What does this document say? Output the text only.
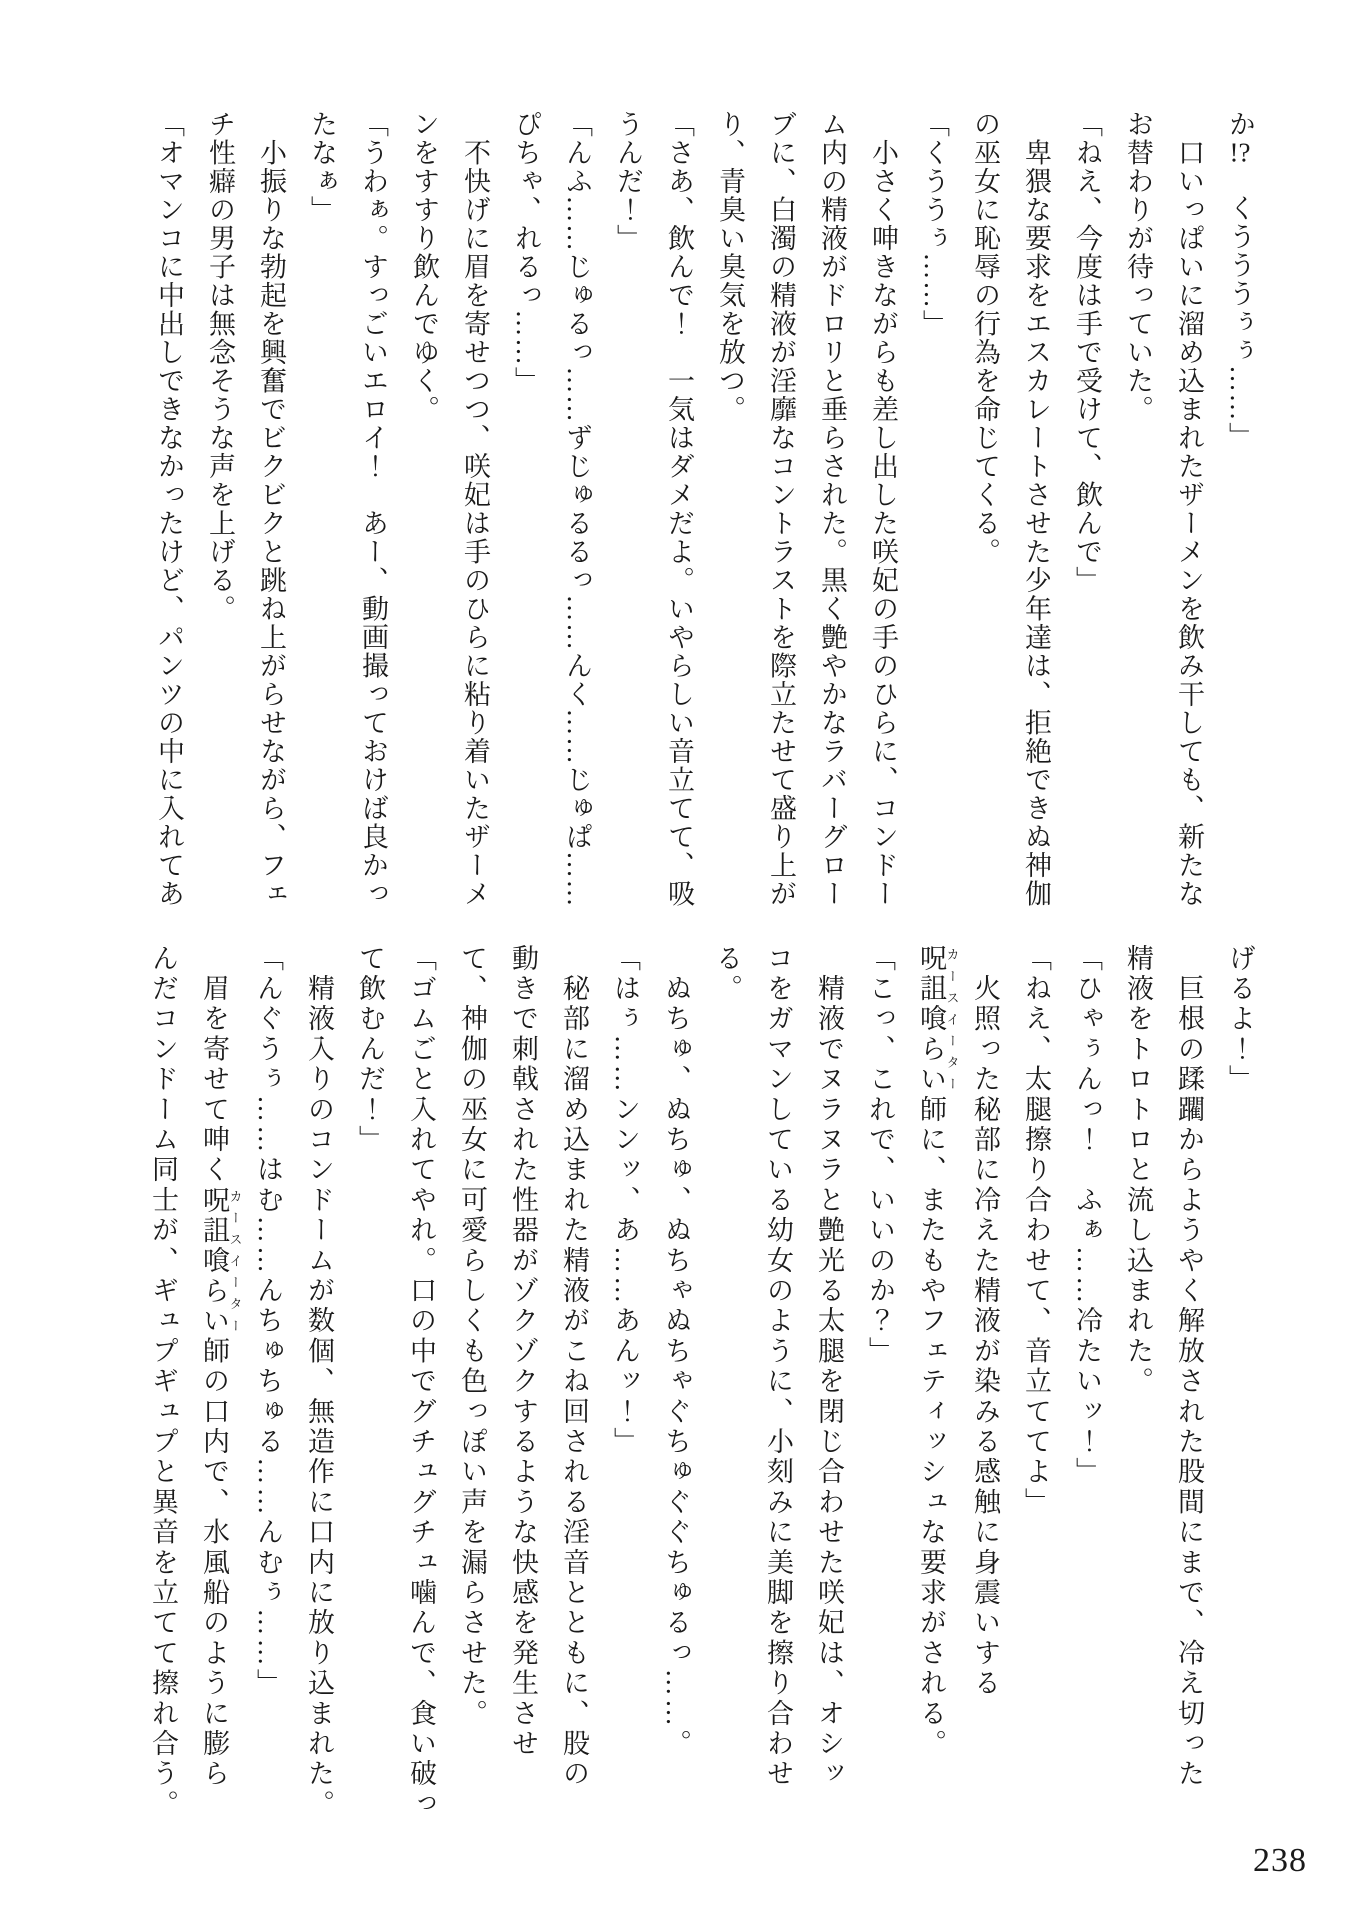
か!?　くうううぅぅ……」

　口いっぱいに溜め込まれたザーメンを飲み干しても、新たな

お替わりが待っていた。

「ねえ、今度は手で受けて、飲んで」

　卑猥な要求をエスカレートさせた少年達は、拒絶できぬ神伽

の巫女に恥辱の行為を命じてくる。

「くううぅ……」

　小さく呻きながらも差し出した咲妃の手のひらに、コンドー

ム内の精液がドロリと垂らされた。黒く艶やかなラバーグロー

ブに、白濁の精液が淫靡なコントラストを際立たせて盛り上が

り、青臭い臭気を放つ。

「さあ、飲んで！　一気はダメだよ。いやらしい音立てて、吸

うんだ！」

「んふ……じゅるっ……ずじゅるるっ……んく……じゅぱ……

ぴちゃ、れるっ……」

　不快げに眉を寄せつつ、咲妃は手のひらに粘り着いたザーメ

ンをすすり飲んでゆく。

「うわぁ。すっごいエロイ！　あー、動画撮っておけば良かっ

たなぁ」

　小振りな勃起を興奮でビクビクと跳ね上がらせながら、フェ

チ性癖の男子は無念そうな声を上げる。

「オマンコに中出しできなかったけど、パンツの中に入れてあ

げるよ！」

　巨根の蹂躙からようやく解放された股間にまで、冷え切った

精液をトロトロと流し込まれた。

「ひゃぅんっ！　ふぁ……冷たいッ！」

「ねえ、太腿擦り合わせて、音立ててよ」

　火照った秘部に冷えた精液が染みる感触に身震いする

呪詛喰らいカースイーター師に、またもやフェティッシュな要求がされる。

「こっ、これで、いいのか？」

　精液でヌラヌラと艶光る太腿を閉じ合わせた咲妃は、オシッ

コをガマンしている幼女のように、小刻みに美脚を擦り合わせ

る。

　ぬちゅ、ぬちゅ、ぬちゃぬちゃぐちゅぐぐちゅるっ……。

「はぅ……ンンッ、あ……あんッ！」

　秘部に溜め込まれた精液がこね回される淫音とともに、股の

動きで刺戟された性器がゾクゾクするような快感を発生させ

て、神伽の巫女に可愛らしくも色っぽい声を漏らさせた。

「ゴムごと入れてやれ。口の中でグチュグチュ噛んで、食い破っ

て飲むんだ！」

　精液入りのコンドームが数個、無造作に口内に放り込まれた。

「んぐうぅ……はむ……んちゅちゅる……んむぅ……」

　眉を寄せて呻く呪詛喰らいカースイーター師の口内で、水風船のように膨ら

んだコンドーム同士が、ギュプギュプと異音を立てて擦れ合う。

238
